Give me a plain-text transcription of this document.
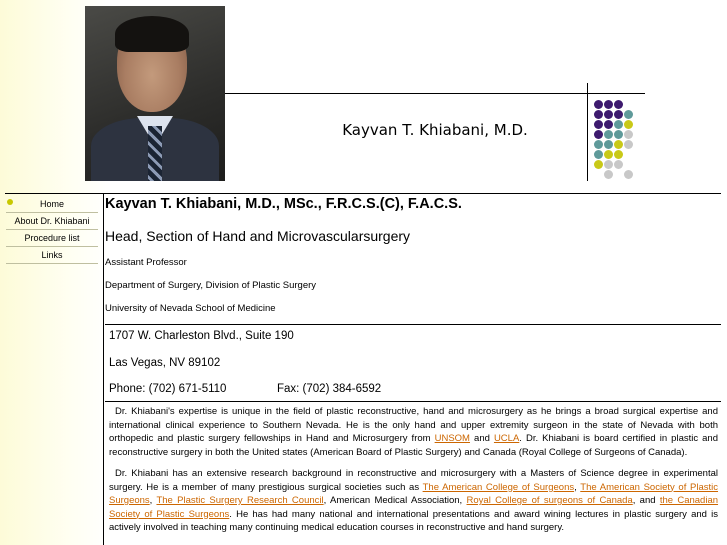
Kayvan T. Khiabani, M.D.
Home
About Dr. Khiabani
Procedure list
Links
Kayvan T. Khiabani, M.D., MSc., F.R.C.S.(C), F.A.C.S.
Head, Section of Hand and Microvascularsurgery
Assistant Professor
Department of Surgery, Division of Plastic Surgery
University of Nevada School of Medicine
1707 W. Charleston Blvd., Suite 190
Las Vegas, NV 89102
Phone: (702) 671-5110	Fax: (702) 384-6592

Dr. Khiabani's expertise is unique in the field of plastic reconstructive, hand and microsurgery as he brings a broad surgical expertise and international clinical experience to Southern Nevada. He is the only hand and upper extremity surgeon in the state of Nevada with both orthopedic and plastic surgery fellowships in Hand and Microsurgery from UNSOM and UCLA. Dr. Khiabani is board certified in plastic and reconstructive surgery in both the United states (American Board of Plastic Surgery) and Canada (Royal College of Surgeons of Canada).

Dr. Khiabani has an extensive research background in reconstructive and microsurgery with a Masters of Science degree in experimental surgery. He is a member of many prestigious surgical societies such as The American College of Surgeons, The American Society of Plastic Surgeons, The Plastic Surgery Research Council, American Medical Association, Royal College of surgeons of Canada, and the Canadian Society of Plastic Surgeons. He has had many national and international presentations and award wining lectures in plastic surgery and is actively involved in teaching many continuing medical education courses in reconstructive and hand surgery.
